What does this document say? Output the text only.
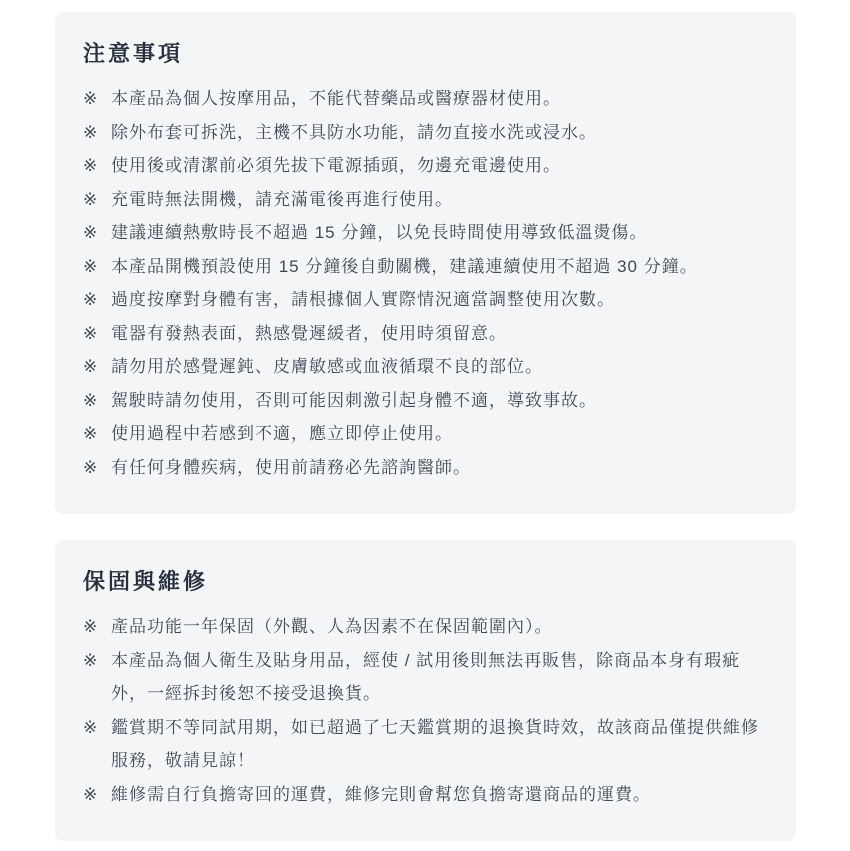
注意事項
※ 本產品為個人按摩用品，不能代替藥品或醫療器材使用。
※ 除外布套可拆洗，主機不具防水功能，請勿直接水洗或浸水。
※ 使用後或清潔前必須先拔下電源插頭，勿邊充電邊使用。
※ 充電時無法開機，請充滿電後再進行使用。
※ 建議連續熱敷時長不超過 15 分鐘，以免長時間使用導致低溫燙傷。
※ 本產品開機預設使用 15 分鐘後自動關機，建議連續使用不超過 30 分鐘。
※ 過度按摩對身體有害，請根據個人實際情況適當調整使用次數。
※ 電器有發熱表面，熱感覺遲緩者，使用時須留意。
※ 請勿用於感覺遲鈍、皮膚敏感或血液循環不良的部位。
※ 駕駛時請勿使用，否則可能因刺激引起身體不適，導致事故。
※ 使用過程中若感到不適，應立即停止使用。
※ 有任何身體疾病，使用前請務必先諮詢醫師。
保固與維修
※ 產品功能一年保固（外觀、人為因素不在保固範圍內）。
※ 本產品為個人衛生及貼身用品，經使 / 試用後則無法再販售，除商品本身有瑕疵外，一經拆封後恕不接受退換貨。
※ 鑑賞期不等同試用期，如已超過了七天鑑賞期的退換貨時效，故該商品僅提供維修服務，敬請見諒！
※ 維修需自行負擔寄回的運費，維修完則會幫您負擔寄還商品的運費。
